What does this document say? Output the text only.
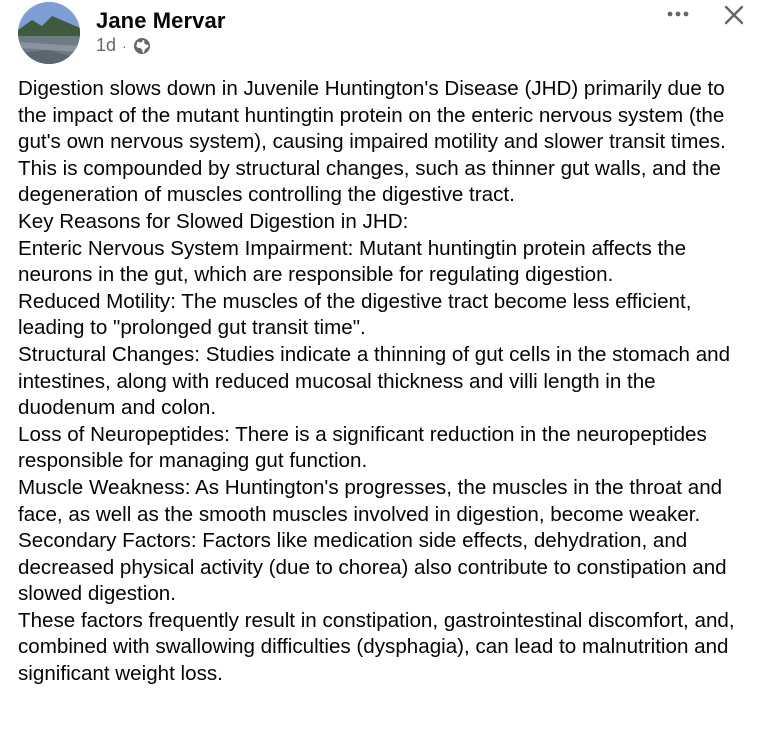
Jane Mervar
1d ·

Digestion slows down in Juvenile Huntington's Disease (JHD) primarily due to the impact of the mutant huntingtin protein on the enteric nervous system (the gut's own nervous system), causing impaired motility and slower transit times. This is compounded by structural changes, such as thinner gut walls, and the degeneration of muscles controlling the digestive tract.

Key Reasons for Slowed Digestion in JHD:

Enteric Nervous System Impairment: Mutant huntingtin protein affects the neurons in the gut, which are responsible for regulating digestion.

Reduced Motility: The muscles of the digestive tract become less efficient, leading to "prolonged gut transit time".

Structural Changes: Studies indicate a thinning of gut cells in the stomach and intestines, along with reduced mucosal thickness and villi length in the duodenum and colon.

Loss of Neuropeptides: There is a significant reduction in the neuropeptides responsible for managing gut function.

Muscle Weakness: As Huntington's progresses, the muscles in the throat and face, as well as the smooth muscles involved in digestion, become weaker.

Secondary Factors: Factors like medication side effects, dehydration, and decreased physical activity (due to chorea) also contribute to constipation and slowed digestion.

These factors frequently result in constipation, gastrointestinal discomfort, and, combined with swallowing difficulties (dysphagia), can lead to malnutrition and significant weight loss.
